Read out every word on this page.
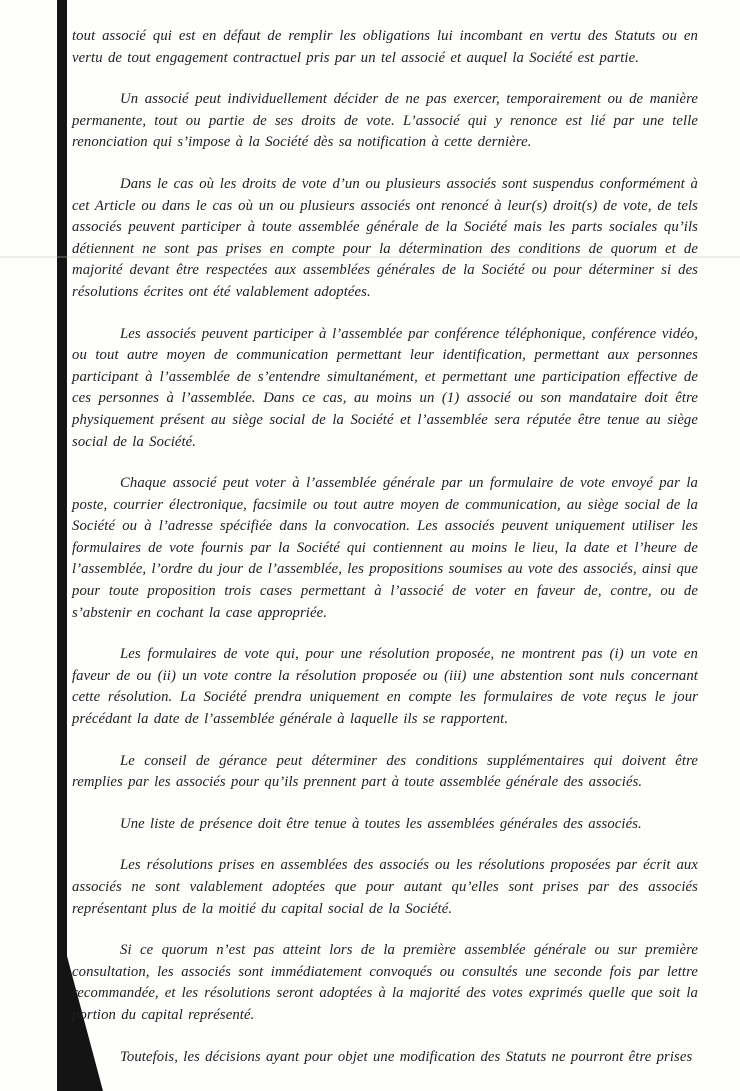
tout associé qui est en défaut de remplir les obligations lui incombant en vertu des Statuts ou en vertu de tout engagement contractuel pris par un tel associé et auquel la Société est partie.

Un associé peut individuellement décider de ne pas exercer, temporairement ou de manière permanente, tout ou partie de ses droits de vote. L’associé qui y renonce est lié par une telle renonciation qui s’impose à la Société dès sa notification à cette dernière.

Dans le cas où les droits de vote d’un ou plusieurs associés sont suspendus conformément à cet Article ou dans le cas où un ou plusieurs associés ont renoncé à leur(s) droit(s) de vote, de tels associés peuvent participer à toute assemblée générale de la Société mais les parts sociales qu’ils détiennent ne sont pas prises en compte pour la détermination des conditions de quorum et de majorité devant être respectées aux assemblées générales de la Société ou pour déterminer si des résolutions écrites ont été valablement adoptées.

Les associés peuvent participer à l’assemblée par conférence téléphonique, conférence vidéo, ou tout autre moyen de communication permettant leur identification, permettant aux personnes participant à l’assemblée de s’entendre simultanément, et permettant une participation effective de ces personnes à l’assemblée. Dans ce cas, au moins un (1) associé ou son mandataire doit être physiquement présent au siège social de la Société et l’assemblée sera réputée être tenue au siège social de la Société.

Chaque associé peut voter à l’assemblée générale par un formulaire de vote envoyé par la poste, courrier électronique, facsimile ou tout autre moyen de communication, au siège social de la Société ou à l’adresse spécifiée dans la convocation. Les associés peuvent uniquement utiliser les formulaires de vote fournis par la Société qui contiennent au moins le lieu, la date et l’heure de l’assemblée, l’ordre du jour de l’assemblée, les propositions soumises au vote des associés, ainsi que pour toute proposition trois cases permettant à l’associé de voter en faveur de, contre, ou de s’abstenir en cochant la case appropriée.

Les formulaires de vote qui, pour une résolution proposée, ne montrent pas (i) un vote en faveur de ou (ii) un vote contre la résolution proposée ou (iii) une abstention sont nuls concernant cette résolution. La Société prendra uniquement en compte les formulaires de vote reçus le jour précédant la date de l’assemblée générale à laquelle ils se rapportent.

Le conseil de gérance peut déterminer des conditions supplémentaires qui doivent être remplies par les associés pour qu’ils prennent part à toute assemblée générale des associés.

Une liste de présence doit être tenue à toutes les assemblées générales des associés.

Les résolutions prises en assemblées des associés ou les résolutions proposées par écrit aux associés ne sont valablement adoptées que pour autant qu’elles sont prises par des associés représentant plus de la moitié du capital social de la Société.

Si ce quorum n’est pas atteint lors de la première assemblée générale ou sur première consultation, les associés sont immédiatement convoqués ou consultés une seconde fois par lettre recommandée, et les résolutions seront adoptées à la majorité des votes exprimés quelle que soit la portion du capital représenté.

Toutefois, les décisions ayant pour objet une modification des Statuts ne pourront être prises
